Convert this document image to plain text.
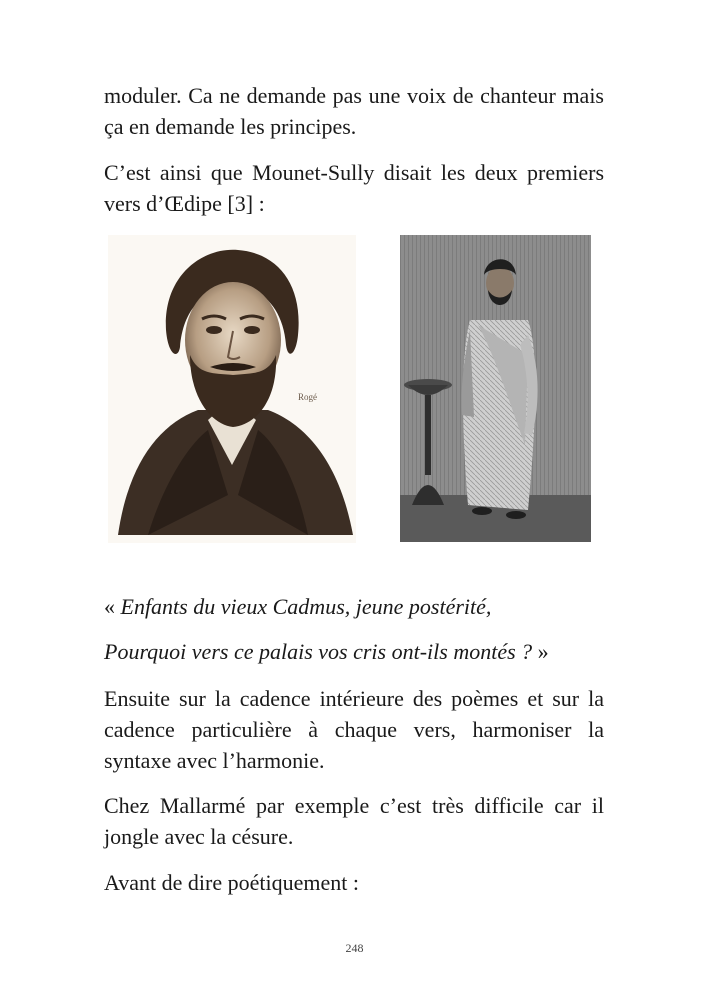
moduler. Ca ne demande pas une voix de chanteur mais ça en demande les principes.

C’est ainsi que Mounet-Sully disait les deux premiers vers d’Œdipe [3] :

Rogé

« Enfants du vieux Cadmus, jeune postérité,

Pourquoi vers ce palais vos cris ont-ils montés ? »

Ensuite sur la cadence intérieure des poèmes et sur la cadence particulière à chaque vers, harmoniser la syntaxe avec l’harmonie.

Chez Mallarmé par exemple c’est très difficile car il jongle avec la césure.

Avant de dire poétiquement :

248
